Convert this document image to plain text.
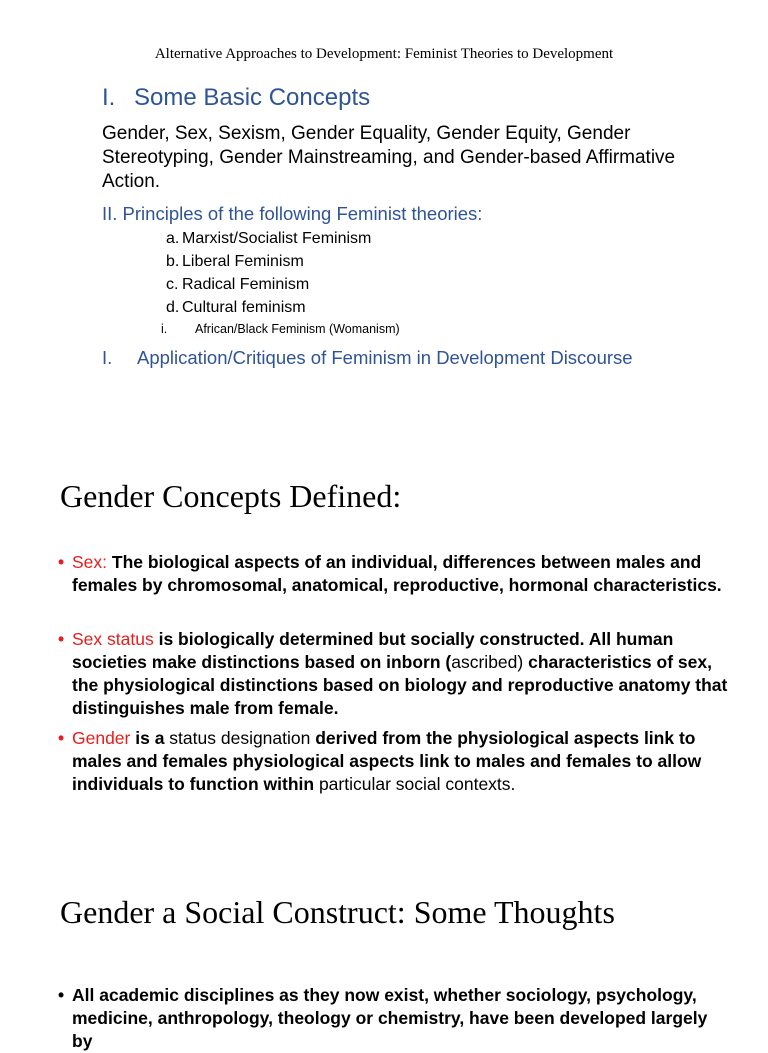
Alternative Approaches to Development: Feminist Theories to Development
I. Some Basic Concepts
Gender, Sex, Sexism, Gender Equality, Gender Equity, Gender Stereotyping, Gender Mainstreaming, and Gender-based Affirmative Action.
II. Principles of the following Feminist theories:
a. Marxist/Socialist Feminism
b. Liberal Feminism
c. Radical Feminism
d. Cultural feminism
i. African/Black Feminism (Womanism)
I. Application/Critiques of Feminism in Development Discourse
Gender Concepts Defined:
• Sex: The biological aspects of an individual, differences between males and females by chromosomal, anatomical, reproductive, hormonal characteristics.
• Sex status is biologically determined but socially constructed. All human societies make distinctions based on inborn (ascribed) characteristics of sex, the physiological distinctions based on biology and reproductive anatomy that distinguishes male from female.
• Gender is a status designation derived from the physiological aspects link to males and females physiological aspects link to males and females to allow individuals to function within particular social contexts.
Gender a Social Construct: Some Thoughts
• All academic disciplines as they now exist, whether sociology, psychology, medicine, anthropology, theology or chemistry, have been developed largely by
